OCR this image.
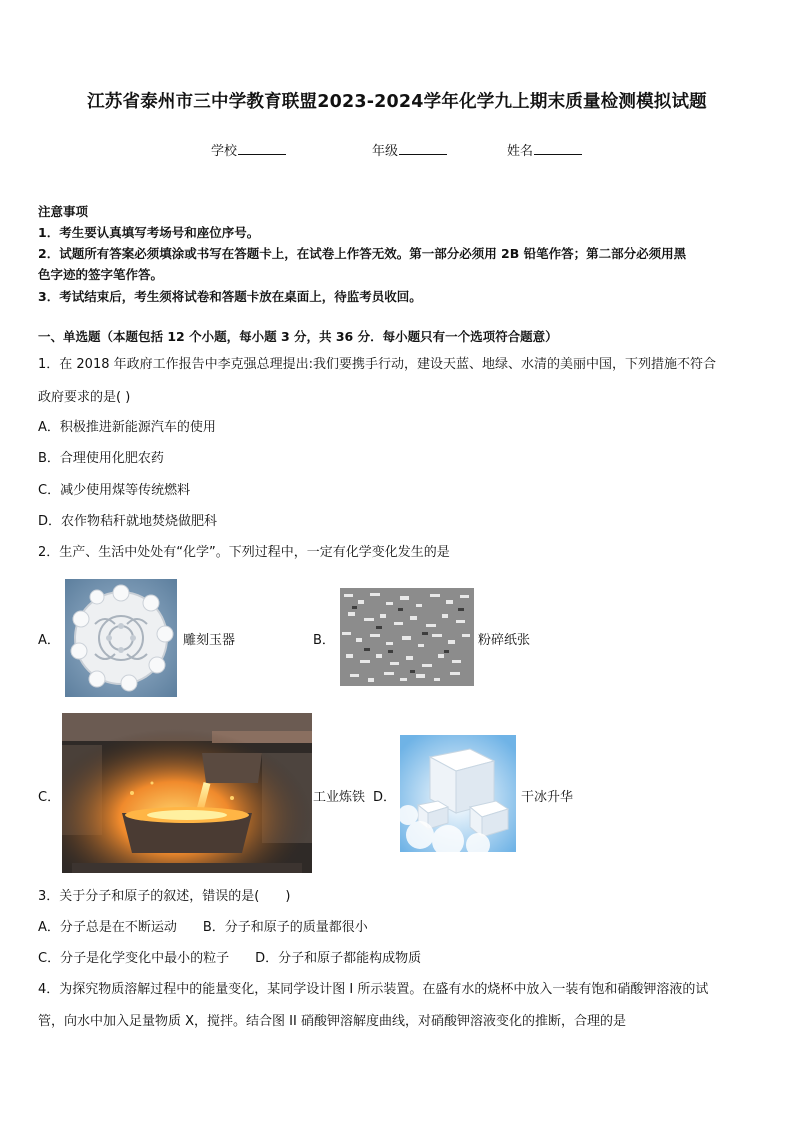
江苏省泰州市三中学教育联盟2023-2024学年化学九上期末质量检测模拟试题
学校	年级	姓名
注意事项
1．考生要认真填写考场号和座位序号。
2．试题所有答案必须填涂或书写在答题卡上，在试卷上作答无效。第一部分必须用 2B 铅笔作答；第二部分必须用黑
色字迹的签字笔作答。
3．考试结束后，考生须将试卷和答题卡放在桌面上，待监考员收回。
一、单选题（本题包括 12 个小题，每小题 3 分，共 36 分．每小题只有一个选项符合题意）
1．在 2018 年政府工作报告中李克强总理提出:我们要携手行动，建设天蓝、地绿、水清的美丽中国，下列措施不符合
政府要求的是( )
A．积极推进新能源汽车的使用
B．合理使用化肥农药
C．减少使用煤等传统燃料
D．农作物秸秆就地焚烧做肥科
2．生产、生活中处处有“化学”。下列过程中，一定有化学变化发生的是
A．	雕刻玉器	B．	粉碎纸张
C．	工业炼铁 D．	干冰升华
3．关于分子和原子的叙述，错误的是(　　)
A．分子总是在不断运动　　B．分子和原子的质量都很小
C．分子是化学变化中最小的粒子　　D．分子和原子都能构成物质
4．为探究物质溶解过程中的能量变化，某同学设计图 I 所示装置。在盛有水的烧杯中放入一装有饱和硝酸钾溶液的试
管，向水中加入足量物质 X，搅拌。结合图 II 硝酸钾溶解度曲线，对硝酸钾溶液变化的推断，合理的是
